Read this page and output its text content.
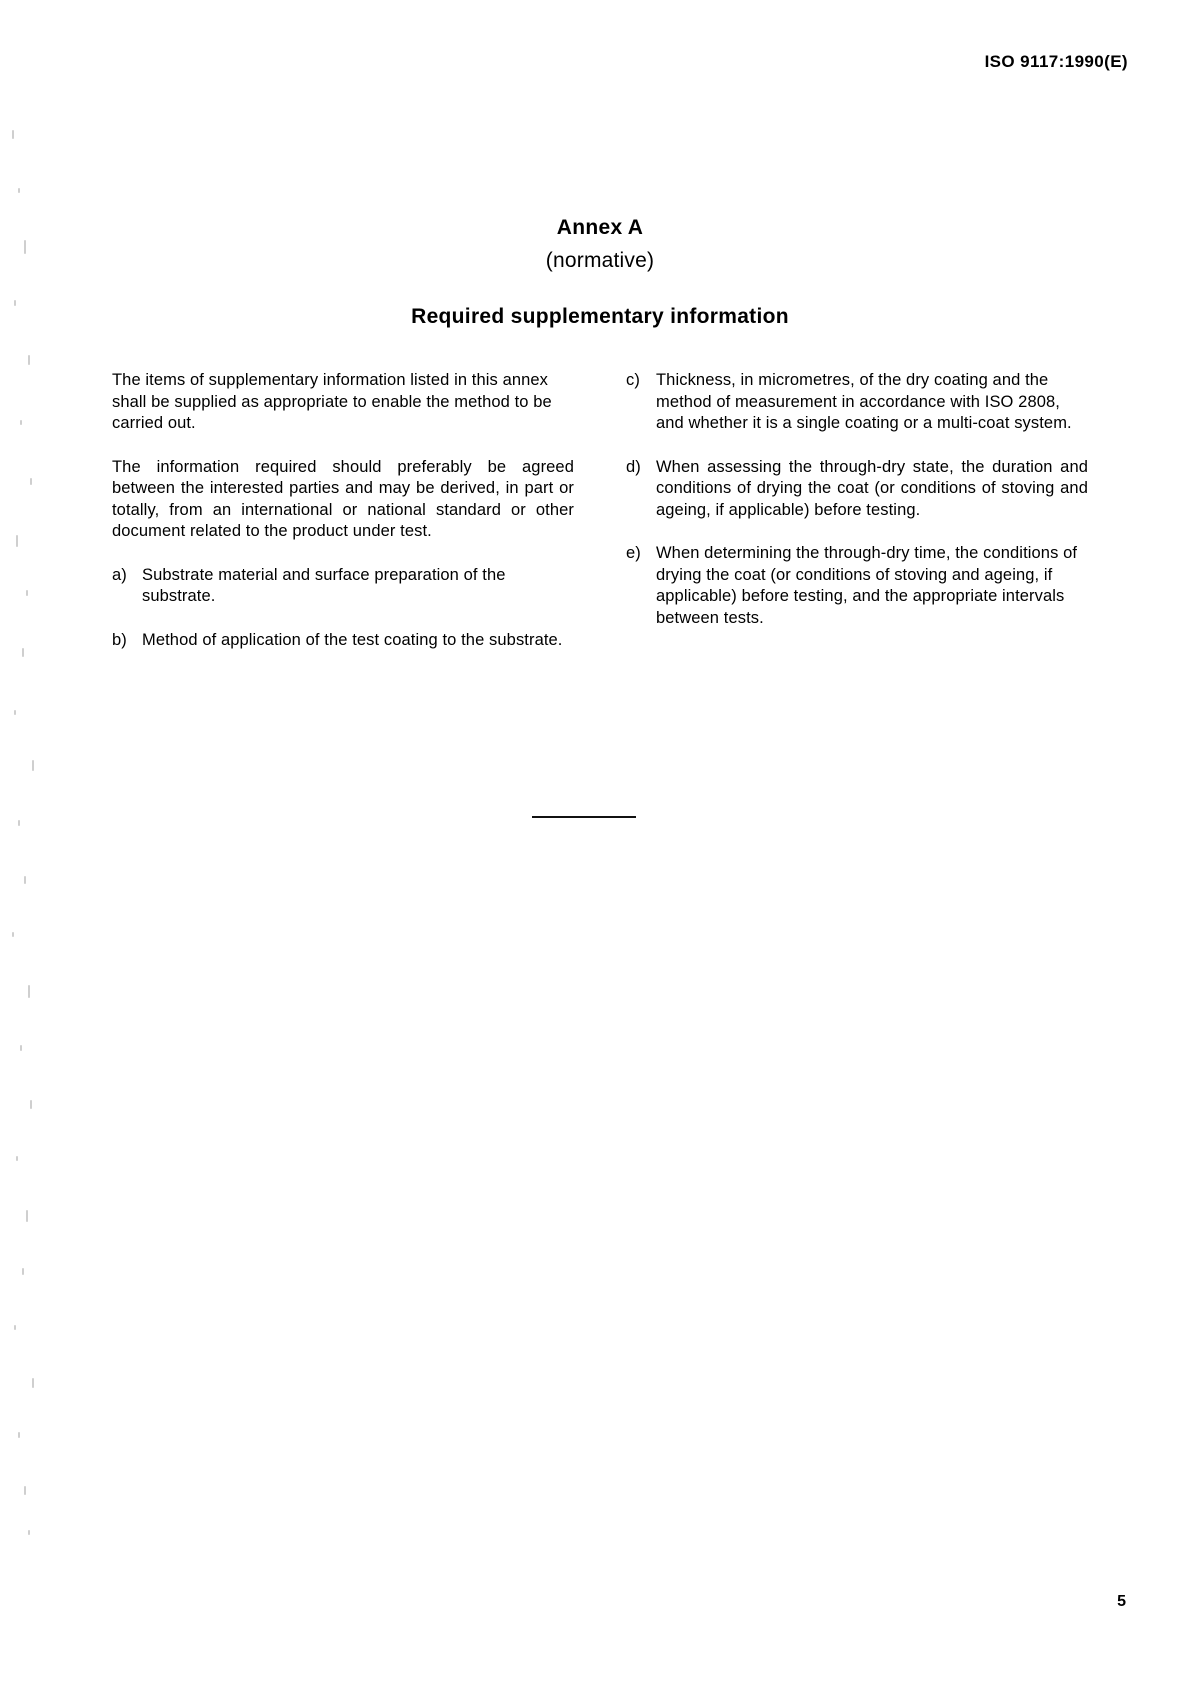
ISO 9117:1990(E)
Annex A
(normative)
Required supplementary information

The items of supplementary information listed in this annex shall be supplied as appropriate to enable the method to be carried out.

The information required should preferably be agreed between the interested parties and may be derived, in part or totally, from an international or national standard or other document related to the product under test.

a) Substrate material and surface preparation of the substrate.
b) Method of application of the test coating to the substrate.
c) Thickness, in micrometres, of the dry coating and the method of measurement in accordance with ISO 2808, and whether it is a single coating or a multi-coat system.
d) When assessing the through-dry state, the duration and conditions of drying the coat (or conditions of stoving and ageing, if applicable) before testing.
e) When determining the through-dry time, the conditions of drying the coat (or conditions of stoving and ageing, if applicable) before testing, and the appropriate intervals between tests.
5
